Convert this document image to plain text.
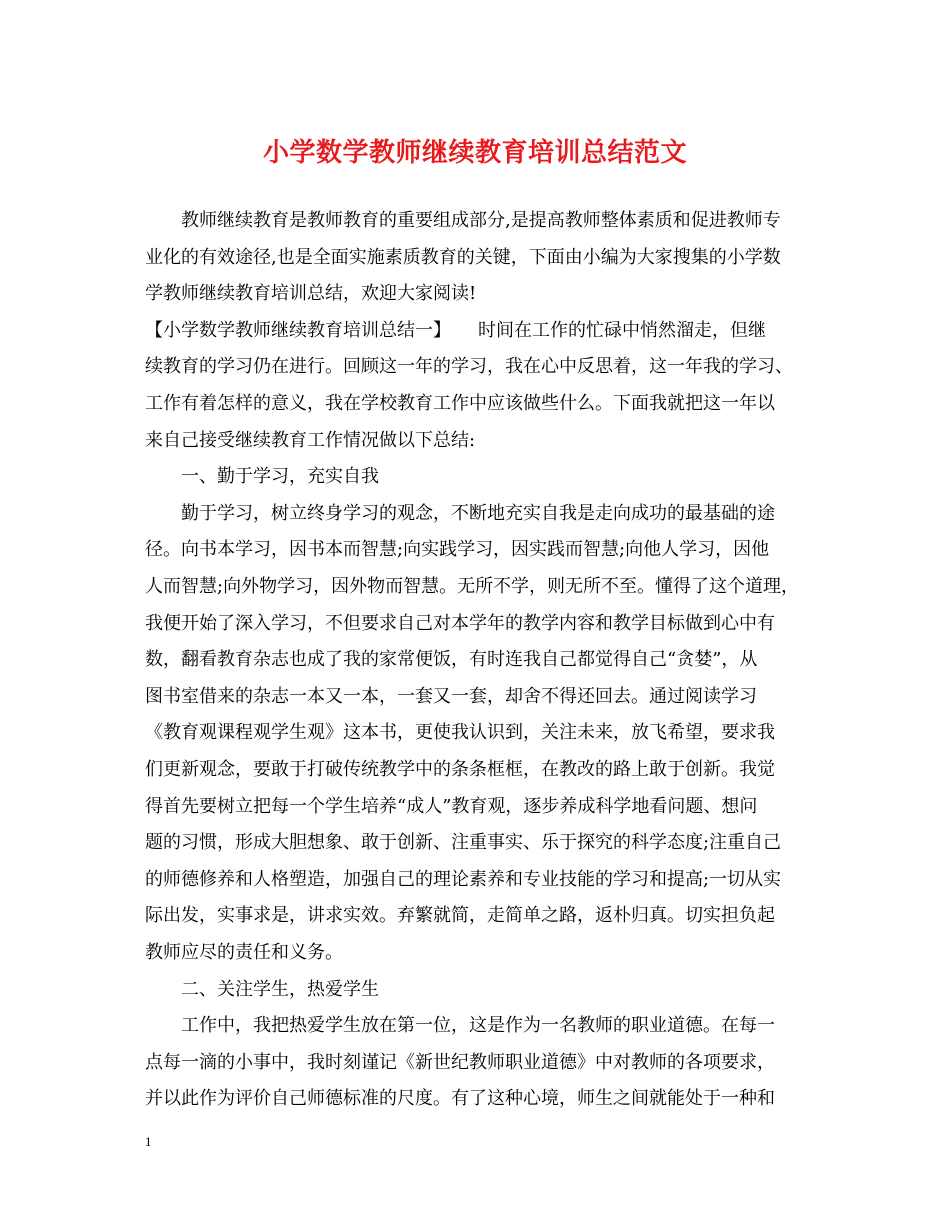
小学数学教师继续教育培训总结范文

　　教师继续教育是教师教育的重要组成部分,是提高教师整体素质和促进教师专

业化的有效途径,也是全面实施素质教育的关键，下面由小编为大家搜集的小学数

学教师继续教育培训总结，欢迎大家阅读!

【小学数学教师继续教育培训总结一】　　时间在工作的忙碌中悄然溜走，但继

续教育的学习仍在进行。回顾这一年的学习，我在心中反思着，这一年我的学习、

工作有着怎样的意义，我在学校教育工作中应该做些什么。下面我就把这一年以

来自己接受继续教育工作情况做以下总结:

　　一、勤于学习，充实自我

　　勤于学习，树立终身学习的观念，不断地充实自我是走向成功的最基础的途

径。向书本学习，因书本而智慧;向实践学习，因实践而智慧;向他人学习，因他

人而智慧;向外物学习，因外物而智慧。无所不学，则无所不至。懂得了这个道理，

我便开始了深入学习，不但要求自己对本学年的教学内容和教学目标做到心中有

数，翻看教育杂志也成了我的家常便饭，有时连我自己都觉得自己“贪婪”，从

图书室借来的杂志一本又一本，一套又一套，却舍不得还回去。通过阅读学习

《教育观课程观学生观》这本书，更使我认识到，关注未来，放飞希望，要求我

们更新观念，要敢于打破传统教学中的条条框框，在教改的路上敢于创新。我觉

得首先要树立把每一个学生培养“成人”教育观，逐步养成科学地看问题、想问

题的习惯，形成大胆想象、敢于创新、注重事实、乐于探究的科学态度;注重自己

的师德修养和人格塑造，加强自己的理论素养和专业技能的学习和提高;一切从实

际出发，实事求是，讲求实效。弃繁就简，走简单之路，返朴归真。切实担负起

教师应尽的责任和义务。

　　二、关注学生，热爱学生

　　工作中，我把热爱学生放在第一位，这是作为一名教师的职业道德。在每一

点每一滴的小事中，我时刻谨记《新世纪教师职业道德》中对教师的各项要求，

并以此作为评价自己师德标准的尺度。有了这种心境，师生之间就能处于一种和

1
